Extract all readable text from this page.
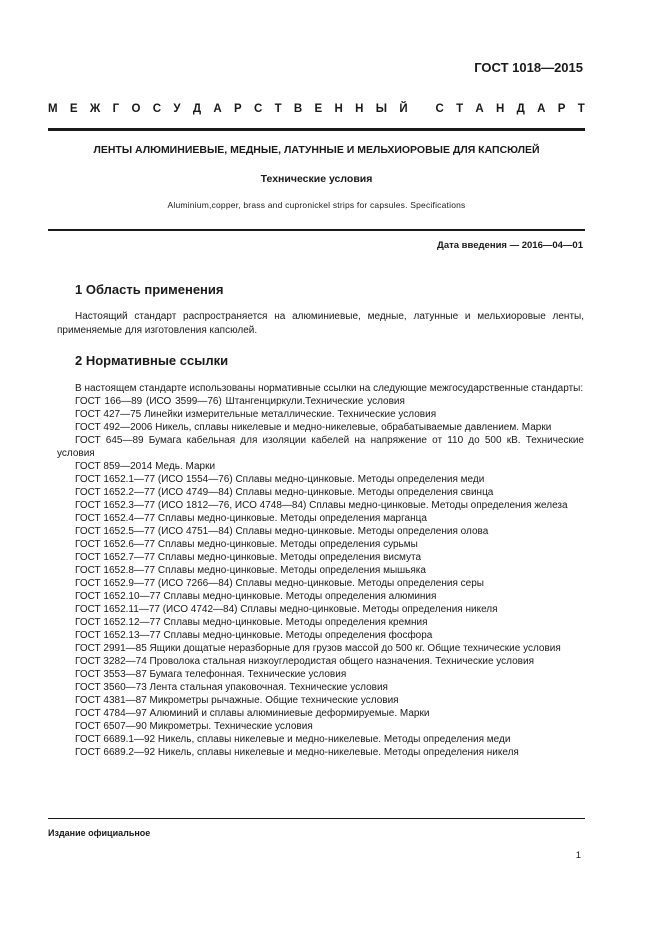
ГОСТ 1018—2015
М Е Ж Г О С У Д А Р С Т В Е Н Н Ы Й
С Т А Н Д А Р Т
ЛЕНТЫ АЛЮМИНИЕВЫЕ, МЕДНЫЕ, ЛАТУННЫЕ И МЕЛЬХИОРОВЫЕ ДЛЯ КАПСЮЛЕЙ
Технические условия
Aluminium,copper, brass and cupronickel strips for capsules. Specifications
Дата введения — 2016—04—01
1 Область применения
Настоящий стандарт распространяется на алюминиевые, медные, латунные и мельхиоровые ленты, применяемые для изготовления капсюлей.
2 Нормативные ссылки

В настоящем стандарте использованы нормативные ссылки на следующие межгосударственные стандарты:

ГОСТ 166—89 (ИСО 3599—76) Штангенциркули.Технические условия

ГОСТ 427—75 Линейки измерительные металлические. Технические условия

ГОСТ 492—2006 Никель, сплавы никелевые и медно-никелевые, обрабатываемые давлением. Марки

ГОСТ 645—89 Бумага кабельная для изоляции кабелей на напряжение от 110 до 500 кВ. Технические условия

ГОСТ 859—2014 Медь. Марки

ГОСТ 1652.1—77 (ИСО 1554—76) Сплавы медно-цинковые. Методы определения меди

ГОСТ 1652.2—77 (ИСО 4749—84) Сплавы медно-цинковые. Методы определения свинца

ГОСТ 1652.3—77 (ИСО 1812—76, ИСО 4748—84) Сплавы медно-цинковые. Методы определения железа

ГОСТ 1652.4—77 Сплавы медно-цинковые. Методы определения марганца

ГОСТ 1652.5—77 (ИСО 4751—84) Сплавы медно-цинковые. Методы определения олова

ГОСТ 1652.6—77 Сплавы медно-цинковые. Методы определения сурьмы

ГОСТ 1652.7—77 Сплавы медно-цинковые. Методы определения висмута

ГОСТ 1652.8—77 Сплавы медно-цинковые. Методы определения мышьяка

ГОСТ 1652.9—77 (ИСО 7266—84) Сплавы медно-цинковые. Методы определения серы

ГОСТ 1652.10—77 Сплавы медно-цинковые. Методы определения алюминия

ГОСТ 1652.11—77 (ИСО 4742—84) Сплавы медно-цинковые. Методы определения никеля

ГОСТ 1652.12—77 Сплавы медно-цинковые. Методы определения кремния

ГОСТ 1652.13—77 Сплавы медно-цинковые. Методы определения фосфора

ГОСТ 2991—85 Ящики дощатые неразборные для грузов массой до 500 кг. Общие технические условия

ГОСТ 3282—74 Проволока стальная низкоуглеродистая общего назначения. Технические условия

ГОСТ 3553—87 Бумага телефонная. Технические условия

ГОСТ 3560—73 Лента стальная упаковочная. Технические условия

ГОСТ 4381—87 Микрометры рычажные. Общие технические условия

ГОСТ 4784—97 Алюминий и сплавы алюминиевые деформируемые. Марки

ГОСТ 6507—90 Микрометры. Технические условия

ГОСТ 6689.1—92 Никель, сплавы никелевые и медно-никелевые. Методы определения меди

ГОСТ 6689.2—92 Никель, сплавы никелевые и медно-никелевые. Методы определения никеля

Издание официальное
1
